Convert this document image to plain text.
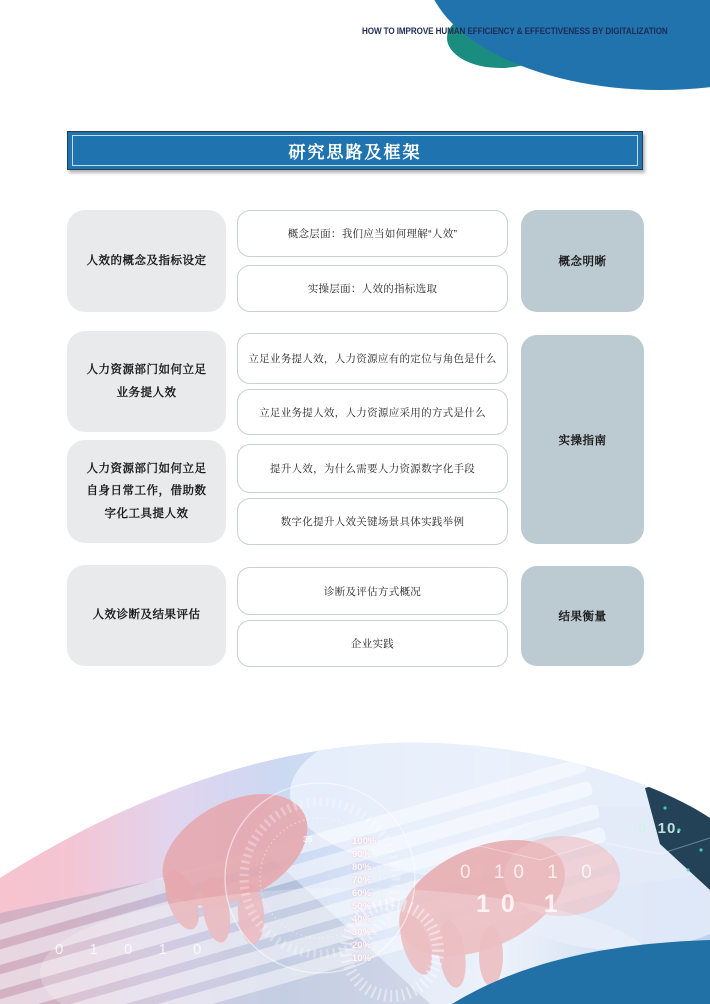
HOW TO IMPROVE HUMAN EFFICIENCY & EFFECTIVENESS BY DIGITALIZATION
研究思路及框架
人效的概念及指标设定
人力资源部门如何立足业务提人效
人力资源部门如何立足自身日常工作，借助数字化工具提人效
人效诊断及结果评估
概念层面：我们应当如何理解“人效”
实操层面：人效的指标选取
立足业务提人效，人力资源应有的定位与角色是什么
立足业务提人效，人力资源应采用的方式是什么
提升人效，为什么需要人力资源数字化手段
数字化提升人效关键场景具体实践举例
诊断及评估方式概况
企业实践
概念明晰
实操指南
结果衡量
35	100%
90%
80%
70%
60%
50%
40%
30%
20%
10%
0 10 1 0
10 1
0 1 0 1 0
0 .10.
